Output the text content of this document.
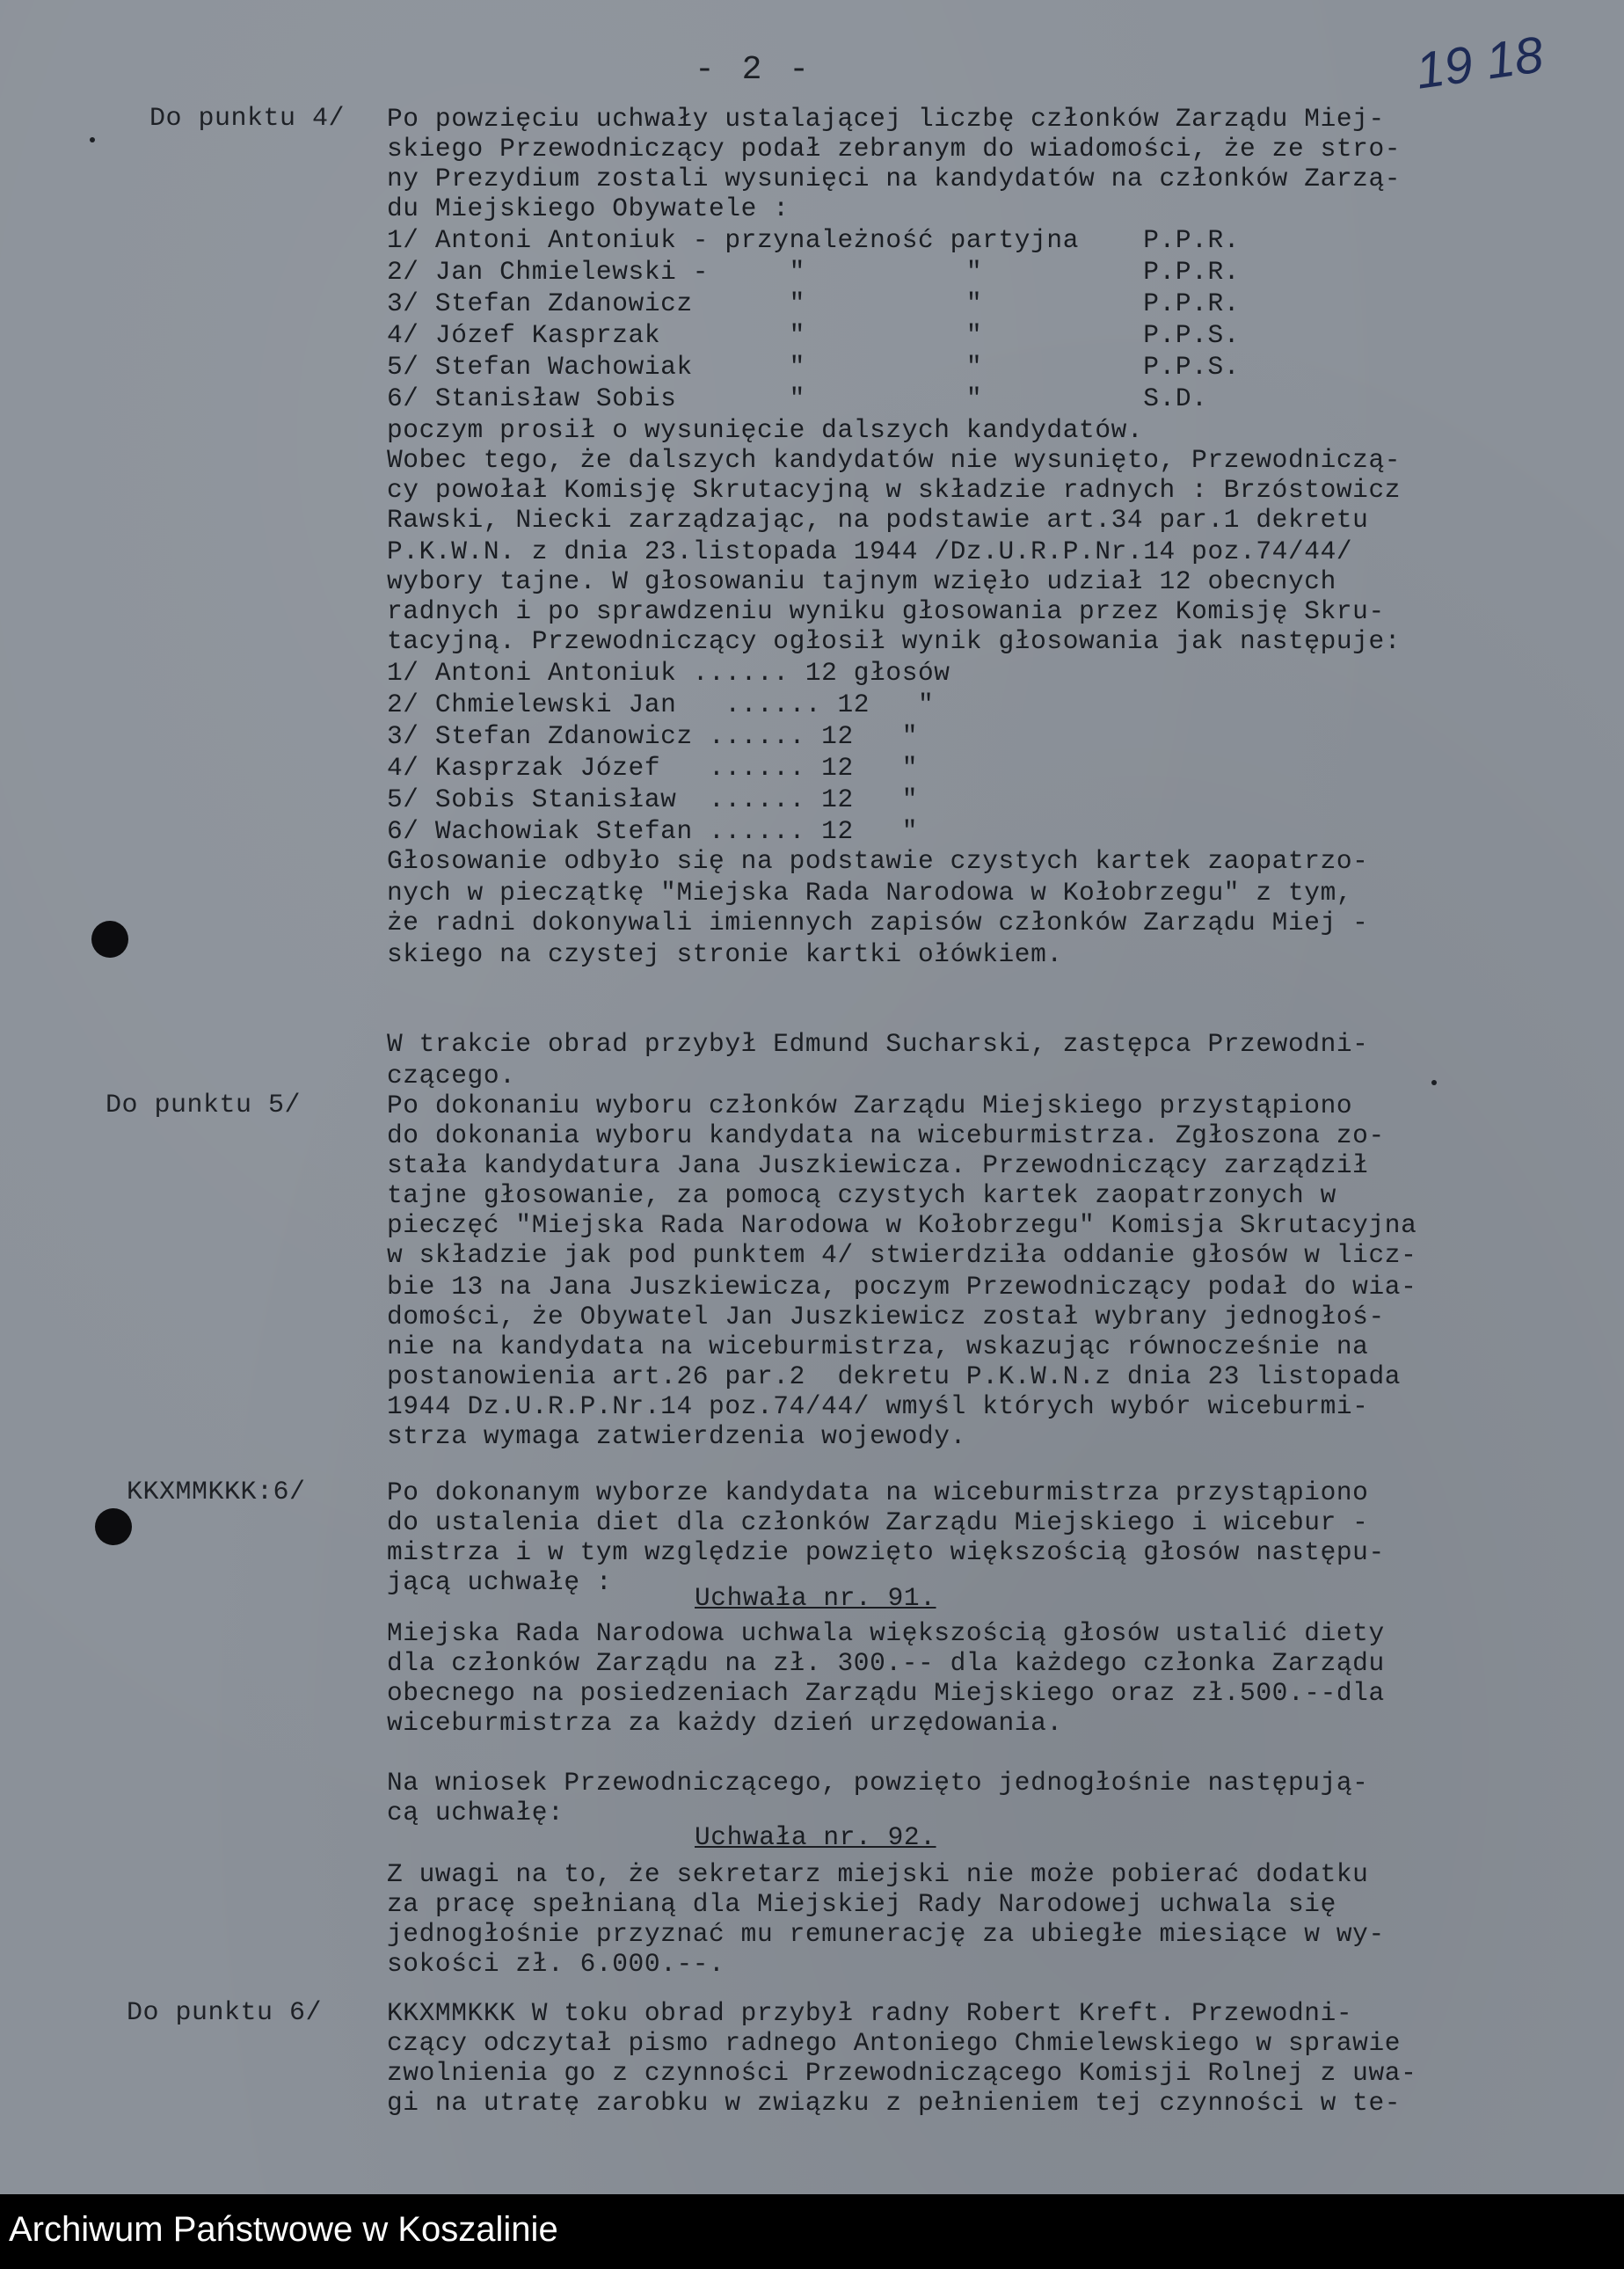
- 2 -	19 18
Do punktu 4/
Do punktu 5/
KKXMMKKK:6/
Do punktu 6/
Po powzięciu uchwały ustalającej liczbę członków Zarządu Miej-
skiego Przewodniczący podał zebranym do wiadomości, że ze stro-
ny Prezydium zostali wysunięci na kandydatów na członków Zarzą-
du Miejskiego Obywatele :
1/ Antoni Antoniuk - przynależność partyjna    P.P.R.
2/ Jan Chmielewski -     "          "          P.P.R.
3/ Stefan Zdanowicz      "          "          P.P.R.
4/ Józef Kasprzak        "          "          P.P.S.
5/ Stefan Wachowiak      "          "          P.P.S.
6/ Stanisław Sobis       "          "          S.D.
poczym prosił o wysunięcie dalszych kandydatów.
Wobec tego, że dalszych kandydatów nie wysunięto, Przewodniczą-
cy powołał Komisję Skrutacyjną w składzie radnych : Brzóstowicz
Rawski, Niecki zarządzając, na podstawie art.34 par.1 dekretu
P.K.W.N. z dnia 23.listopada 1944 /Dz.U.R.P.Nr.14 poz.74/44/
wybory tajne. W głosowaniu tajnym wzięło udział 12 obecnych
radnych i po sprawdzeniu wyniku głosowania przez Komisję Skru-
tacyjną. Przewodniczący ogłosił wynik głosowania jak następuje:
1/ Antoni Antoniuk ...... 12 głosów
2/ Chmielewski Jan   ...... 12   "
3/ Stefan Zdanowicz ...... 12   "
4/ Kasprzak Józef   ...... 12   "
5/ Sobis Stanisław  ...... 12   "
6/ Wachowiak Stefan ...... 12   "
Głosowanie odbyło się na podstawie czystych kartek zaopatrzo-
nych w pieczątkę "Miejska Rada Narodowa w Kołobrzegu" z tym,
że radni dokonywali imiennych zapisów członków Zarządu Miej -
skiego na czystej stronie kartki ołówkiem.
W trakcie obrad przybył Edmund Sucharski, zastępca Przewodni-
czącego.
Po dokonaniu wyboru członków Zarządu Miejskiego przystąpiono
do dokonania wyboru kandydata na wiceburmistrza. Zgłoszona zo-
stała kandydatura Jana Juszkiewicza. Przewodniczący zarządził
tajne głosowanie, za pomocą czystych kartek zaopatrzonych w
pieczęć "Miejska Rada Narodowa w Kołobrzegu" Komisja Skrutacyjna
w składzie jak pod punktem 4/ stwierdziła oddanie głosów w licz-
bie 13 na Jana Juszkiewicza, poczym Przewodniczący podał do wia-
domości, że Obywatel Jan Juszkiewicz został wybrany jednogłoś-
nie na kandydata na wiceburmistrza, wskazując równocześnie na
postanowienia art.26 par.2  dekretu P.K.W.N.z dnia 23 listopada
1944 Dz.U.R.P.Nr.14 poz.74/44/ wmyśl których wybór wiceburmi-
strza wymaga zatwierdzenia wojewody.
Po dokonanym wyborze kandydata na wiceburmistrza przystąpiono
do ustalenia diet dla członków Zarządu Miejskiego i wicebur -
mistrza i w tym względzie powzięto większością głosów następu-
jącą uchwałę :
Uchwała nr. 91.
Miejska Rada Narodowa uchwala większością głosów ustalić diety
dla członków Zarządu na zł. 300.-- dla każdego członka Zarządu
obecnego na posiedzeniach Zarządu Miejskiego oraz zł.500.--dla
wiceburmistrza za każdy dzień urzędowania.
Na wniosek Przewodniczącego, powzięto jednogłośnie następują-
cą uchwałę:
Uchwała nr. 92.
Z uwagi na to, że sekretarz miejski nie może pobierać dodatku
za pracę spełnianą dla Miejskiej Rady Narodowej uchwala się
jednogłośnie przyznać mu remunerację za ubiegłe miesiące w wy-
sokości zł. 6.000.--.
KKXMMKKK W toku obrad przybył radny Robert Kreft. Przewodni-
czący odczytał pismo radnego Antoniego Chmielewskiego w sprawie
zwolnienia go z czynności Przewodniczącego Komisji Rolnej z uwa-
gi na utratę zarobku w związku z pełnieniem tej czynności w te-
Archiwum Państwowe w Koszalinie
